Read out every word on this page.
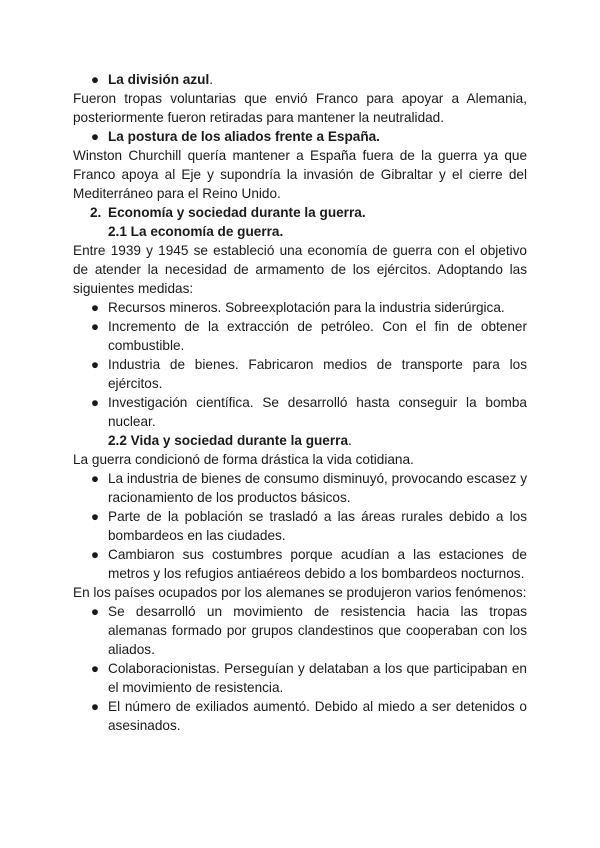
● La división azul.

Fueron tropas voluntarias que envió Franco para apoyar a Alemania, posteriormente fueron retiradas para mantener la neutralidad.

● La postura de los aliados frente a España.

Winston Churchill quería mantener a España fuera de la guerra ya que Franco apoya al Eje y supondría la invasión de Gibraltar y el cierre del Mediterráneo para el Reino Unido.

2. Economía y sociedad durante la guerra.
2.1 La economía de guerra.

Entre 1939 y 1945 se estableció una economía de guerra con el objetivo de atender la necesidad de armamento de los ejércitos. Adoptando las siguientes medidas:

● Recursos mineros. Sobreexplotación para la industria siderúrgica.
● Incremento de la extracción de petróleo. Con el fin de obtener combustible.
● Industria de bienes. Fabricaron medios de transporte para los ejércitos.
● Investigación científica. Se desarrolló hasta conseguir la bomba nuclear.
2.2 Vida y sociedad durante la guerra.

La guerra condicionó de forma drástica la vida cotidiana.

● La industria de bienes de consumo disminuyó, provocando escasez y racionamiento de los productos básicos.
● Parte de la población se trasladó a las áreas rurales debido a los bombardeos en las ciudades.
● Cambiaron sus costumbres porque acudían a las estaciones de metros y los refugios antiaéreos debido a los bombardeos nocturnos.

En los países ocupados por los alemanes se produjeron varios fenómenos:

● Se desarrolló un movimiento de resistencia hacia las tropas alemanas formado por grupos clandestinos que cooperaban con los aliados.
● Colaboracionistas. Perseguían y delataban a los que participaban en el movimiento de resistencia.
● El número de exiliados aumentó. Debido al miedo a ser detenidos o asesinados.
